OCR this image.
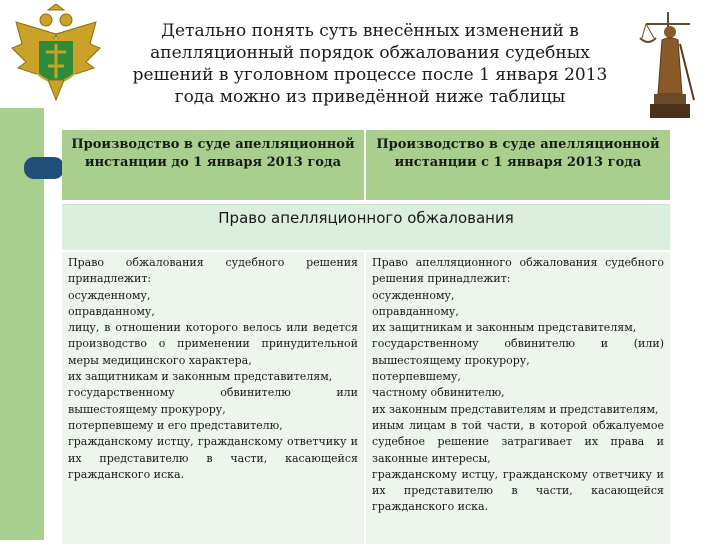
Детально понять суть внесённых изменений в апелляционный порядок обжалования судебных решений в уголовном процессе после 1 января 2013 года можно из приведённой ниже таблицы
Производство в суде апелляционной инстанции до 1 января 2013 года
Производство в суде апелляционной инстанции с 1 января 2013 года
Право апелляционного обжалования
Право обжалования судебного решения принадлежит:
осужденному,
оправданному,
лицу, в отношении которого велось или ведется производство о применении принудительной меры медицинского характера,
их защитникам и законным представителям,
государственному обвинителю или вышестоящему прокурору,
потерпевшему и его представителю,
гражданскому истцу, гражданскому ответчику и их представителю в части, касающейся гражданского иска.
Право апелляционного обжалования судебного решения принадлежит:
осужденному,
оправданному,
их защитникам и законным представителям,
государственному обвинителю и (или) вышестоящему прокурору,
потерпевшему,
частному обвинителю,
их законным представителям и представителям,
иным лицам в той части, в которой обжалуемое судебное решение затрагивает их права и законные интересы,
гражданскому истцу, гражданскому ответчику и их представителю в части, касающейся гражданского иска.
